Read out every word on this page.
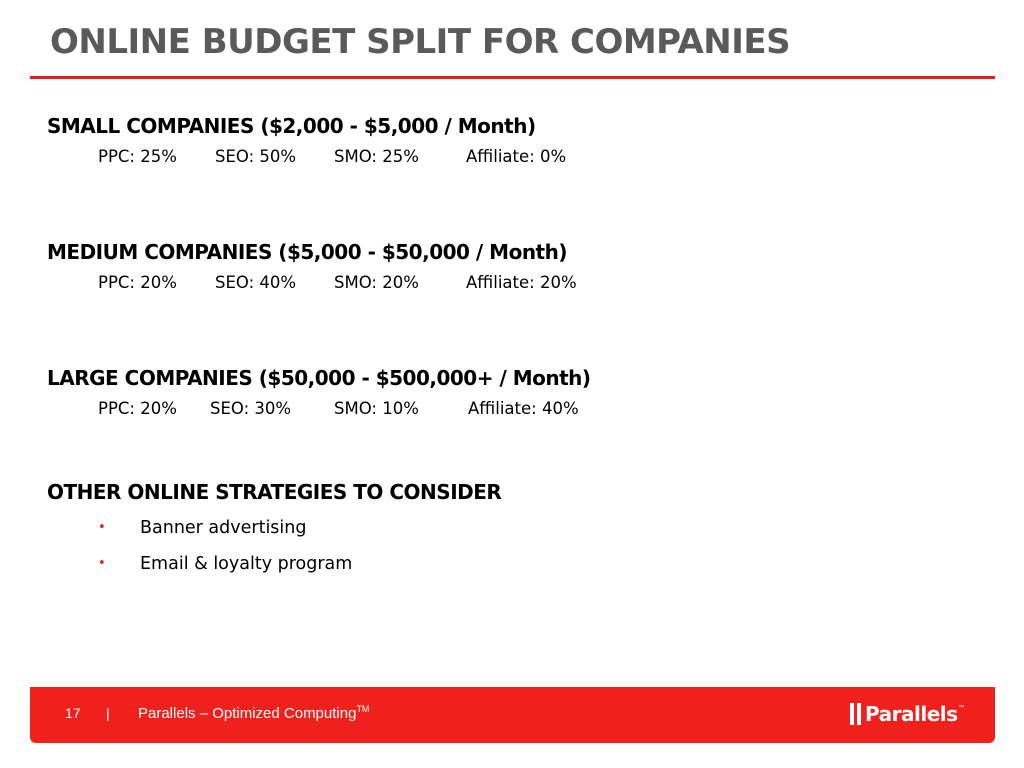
ONLINE BUDGET SPLIT FOR COMPANIES
SMALL COMPANIES ($2,000 - $5,000 / Month)
PPC: 25% SEO: 50% SMO: 25%	Affiliate: 0%
MEDIUM COMPANIES ($5,000 - $50,000 / Month)
PPC: 20% SEO: 40% SMO: 20%	Affiliate: 20%
LARGE COMPANIES ($50,000 - $500,000+ / Month)
PPC: 20% SEO: 30%	SMO: 10%	Affiliate: 40%
OTHER ONLINE STRATEGIES TO CONSIDER
• Banner advertising
• Email & loyalty program
17 | Parallels – Optimized Computing™	Parallels ™
